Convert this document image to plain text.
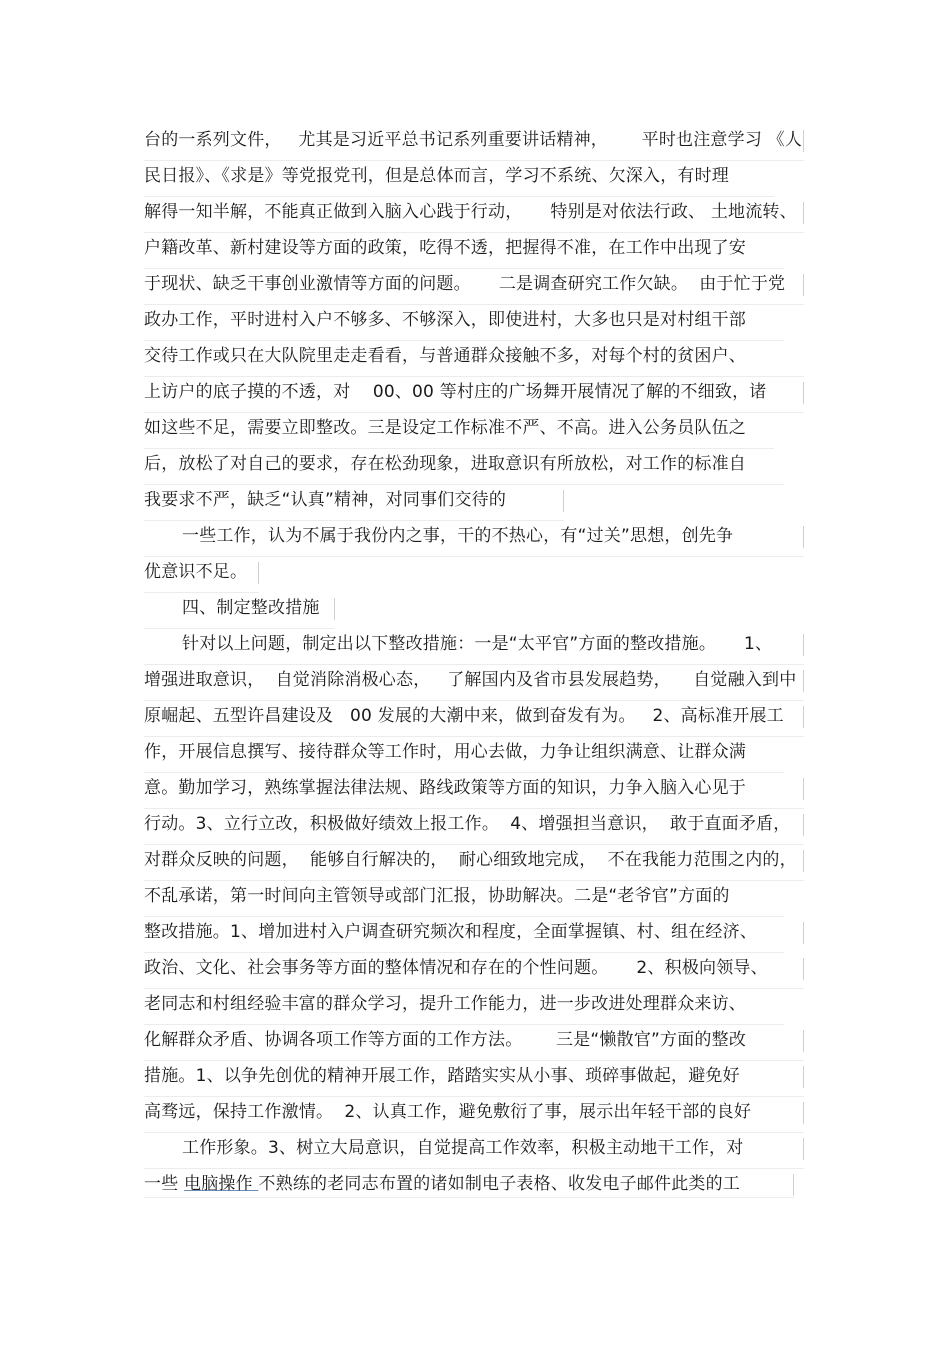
台的一系列文件，   尤其是习近平总书记系列重要讲话精神，      平时也注意学习 《人
民日报》、《求是》等党报党刊，但是总体而言，学习不系统、欠深入，有时理
解得一知半解，不能真正做到入脑入心践于行动，     特别是对依法行政、 土地流转、
户籍改革、新村建设等方面的政策，吃得不透，把握得不准，在工作中出现了安
于现状、缺乏干事创业激情等方面的问题。     二是调查研究工作欠缺。  由于忙于党
政办工作，平时进村入户不够多、不够深入，即使进村，大多也只是对村组干部
交待工作或只在大队院里走走看看，与普通群众接触不多，对每个村的贫困户、
上访户的底子摸的不透，对    00、00 等村庄的广场舞开展情况了解的不细致，诸
如这些不足，需要立即整改。三是设定工作标准不严、不高。进入公务员队伍之
后，放松了对自己的要求，存在松劲现象，进取意识有所放松，对工作的标准自
我要求不严，缺乏“认真”精神，对同事们交待的
一些工作，认为不属于我份内之事，干的不热心，有“过关”思想，创先争
优意识不足。
四、制定整改措施
针对以上问题，制定出以下整改措施：一是“太平官”方面的整改措施。     1、
增强进取意识，  自觉消除消极心态，   了解国内及省市县发展趋势，    自觉融入到中
原崛起、五型许昌建设及   00 发展的大潮中来，做到奋发有为。   2、高标准开展工
作，开展信息撰写、接待群众等工作时，用心去做，力争让组织满意、让群众满
意。勤加学习，熟练掌握法律法规、路线政策等方面的知识，力争入脑入心见于
行动。3、立行立改，积极做好绩效上报工作。  4、增强担当意识，  敢于直面矛盾，
对群众反映的问题，  能够自行解决的，  耐心细致地完成，  不在我能力范围之内的，
不乱承诺，第一时间向主管领导或部门汇报，协助解决。二是“老爷官”方面的
整改措施。1、增加进村入户调查研究频次和程度，全面掌握镇、村、组在经济、
政治、文化、社会事务等方面的整体情况和存在的个性问题。     2、积极向领导、
老同志和村组经验丰富的群众学习，提升工作能力，进一步改进处理群众来访、
化解群众矛盾、协调各项工作等方面的工作方法。      三是“懒散官”方面的整改
措施。1、以争先创优的精神开展工作，踏踏实实从小事、琐碎事做起，避免好
高骛远，保持工作激情。  2、认真工作，避免敷衍了事，展示出年轻干部的良好
工作形象。3、树立大局意识，自觉提高工作效率，积极主动地干工作，对
一些 电脑操作 不熟练的老同志布置的诸如制电子表格、收发电子邮件此类的工
